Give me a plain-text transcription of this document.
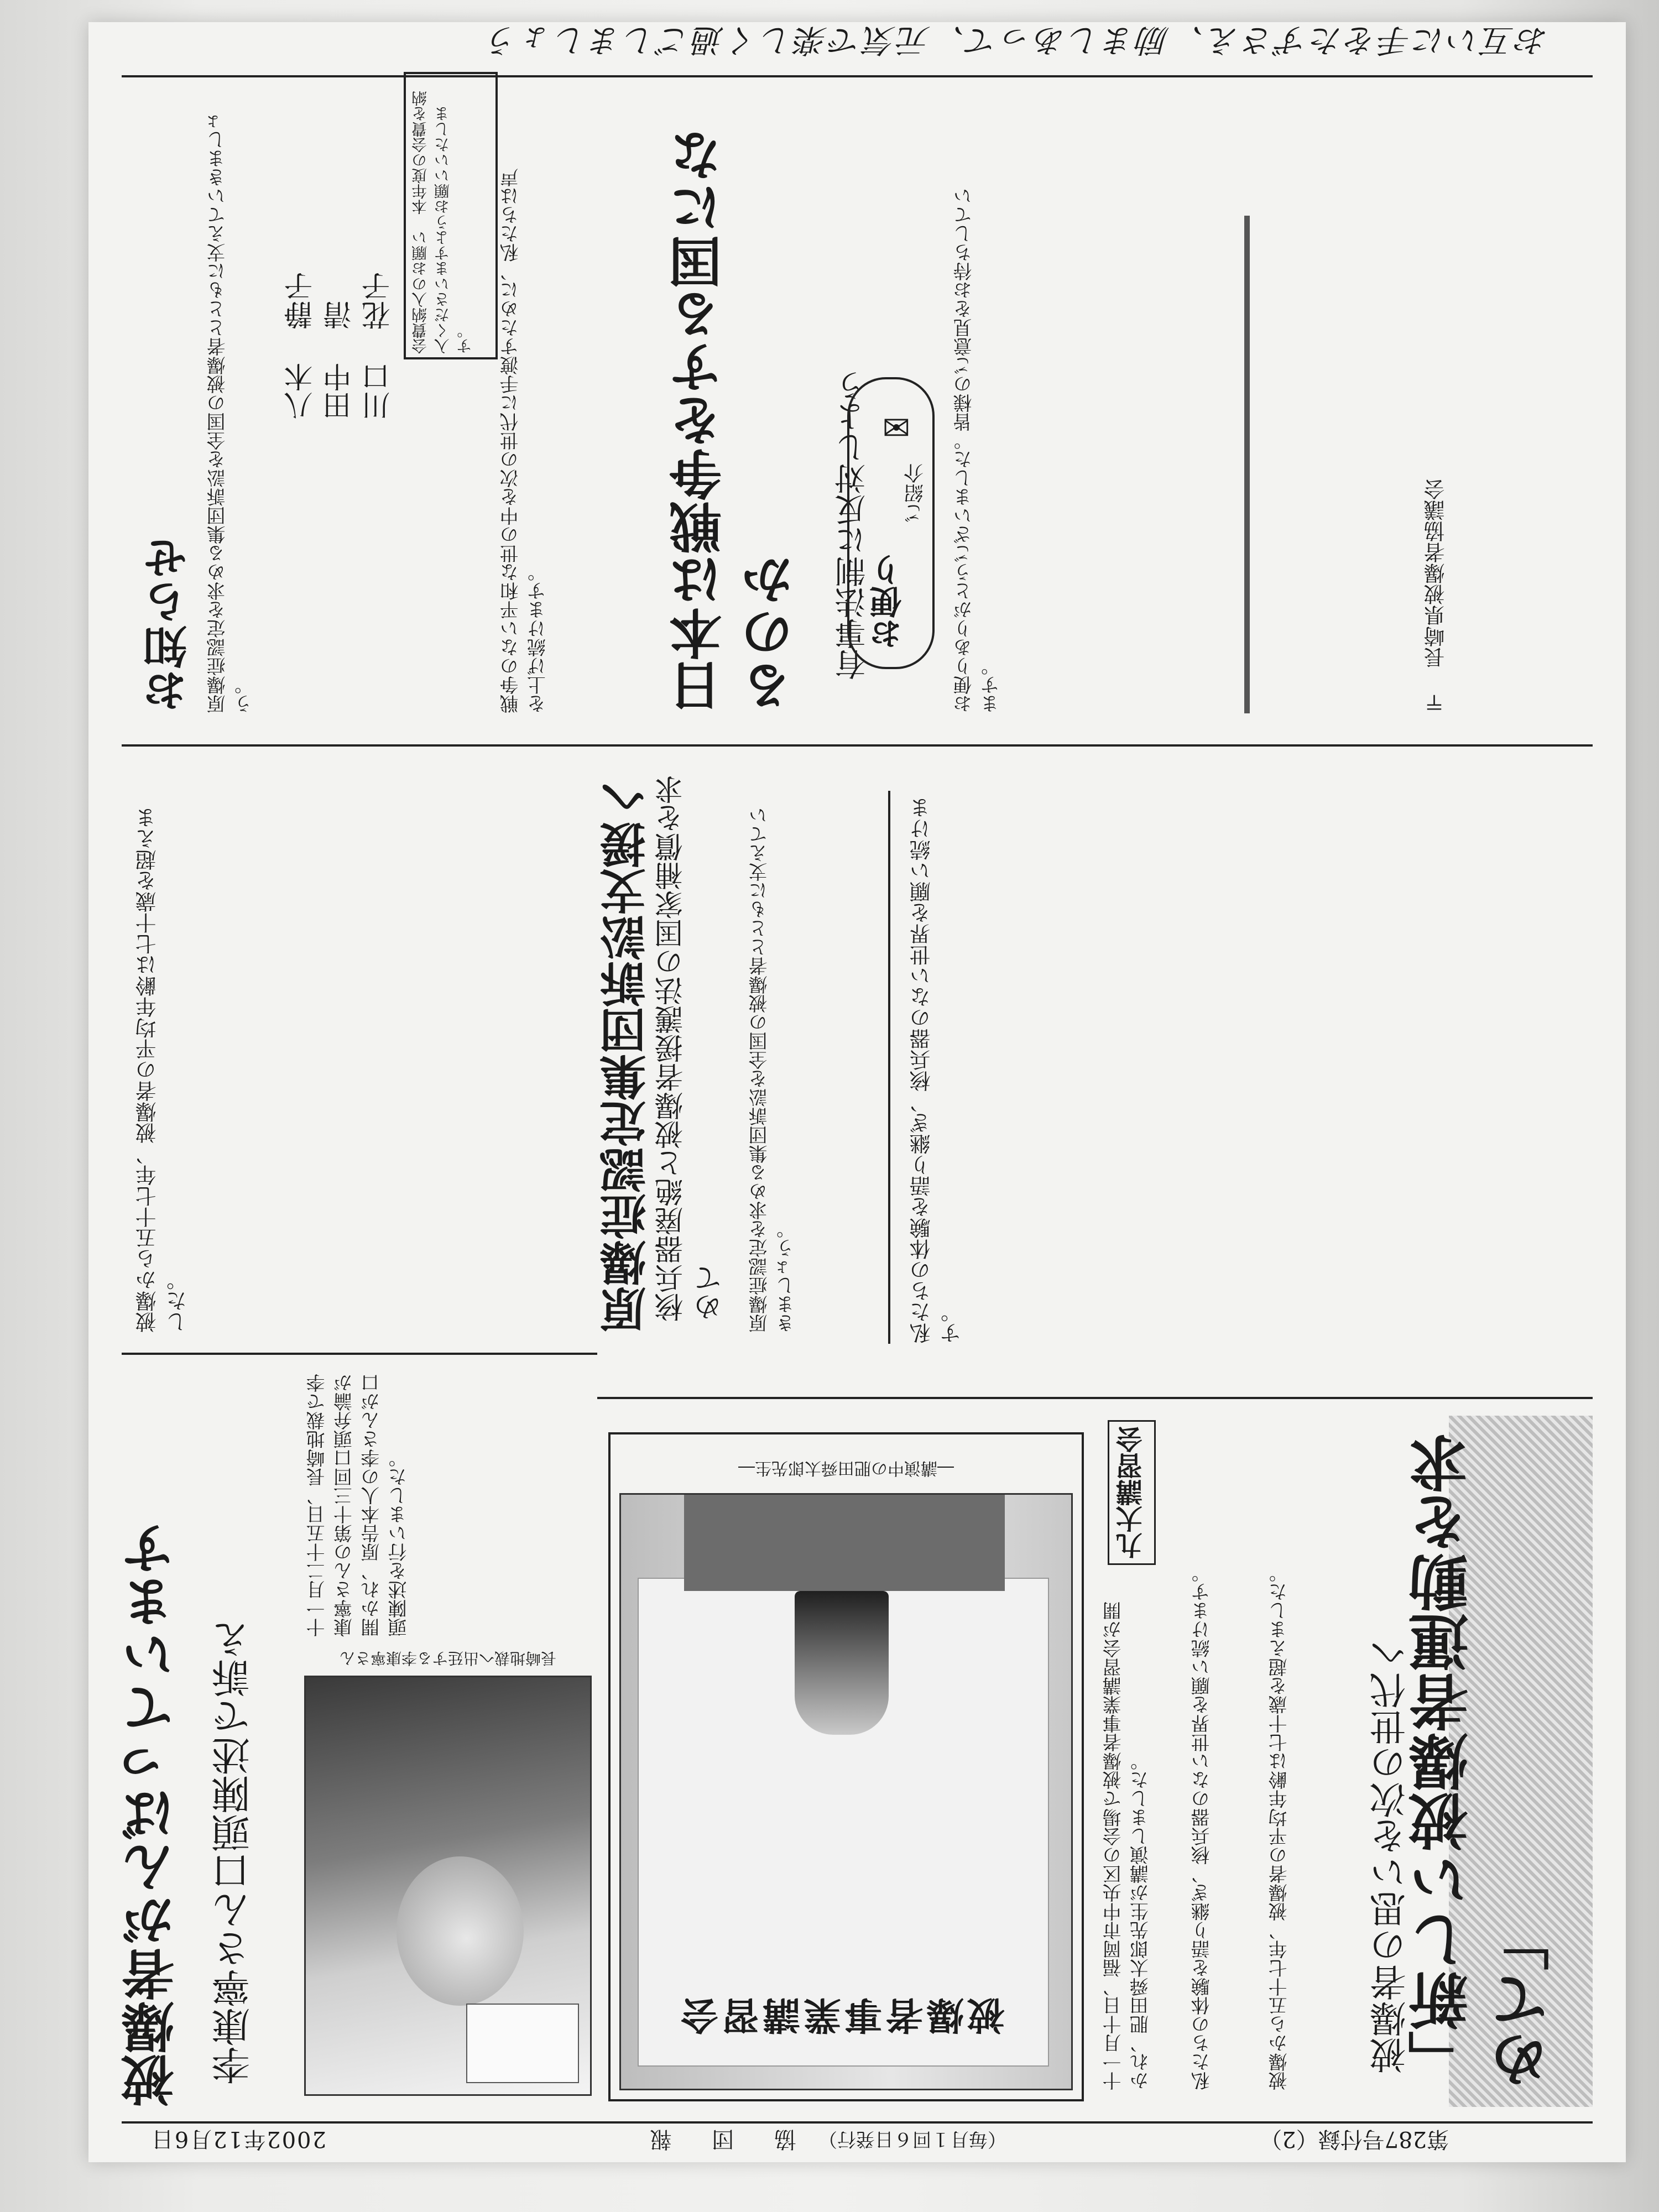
2002年12月6日	協 団 報 （毎月１回６日発行）	第287号付録（2）
被爆者がんばっています 李康寧さん口頭陳述で訴え	長崎地裁へ出廷する李康寧さん
十一月二十五日、長崎地裁で李康寧さんの第十三回口頭弁論が開かれ、原告本人の李さんが口頭陳述を行いました。
被爆者事業講習会
―講演中の肥田舜太郎先生―
十一月十日、福岡市中央区の会場で被爆者事業講習会が開かれ、肥田舜太郎先生が講演しました。
九大講習会	「新しい被爆者運動を求めて」
被爆者の思いを次の世代へ
被爆から五十七年、被爆者の平均年齢は七十歳を超えました。
私たちの体験を語り継ぎ、核兵器のない世界を願い続けます。
原爆症認定集団訴訟支援へ 核兵器廃絶と被爆者援護法の国家補償を求めて 原爆症認定を求める集団訴訟を全国の被爆者とともに支えていきましょう。
被爆から五十七年、被爆者の平均年齢は七十歳を超えました。	私たちの体験を語り継ぎ、核兵器のない世界を願い続けます。
日本は戦争をする国になるのか 有事法制に反対しよう
戦争のない平和な世の中を次の世代に手渡すために、私たちは声を上げ続けます。	お便り
ご紹介
✉ お便りありがとうございました。皆様のご意見をお待ちしています。
お知らせ
八木 静子 田中 清 川口 花子 会費納入のお願い　本年度の会費を納入くださいますようお願いいたします。
原爆症認定を求める集団訴訟を全国の被爆者とともに支えていきましょう。	〒 長崎県被爆者協議会
お互いに手をたずさえ、励ましあって、元気で楽しく過ごしましょう
